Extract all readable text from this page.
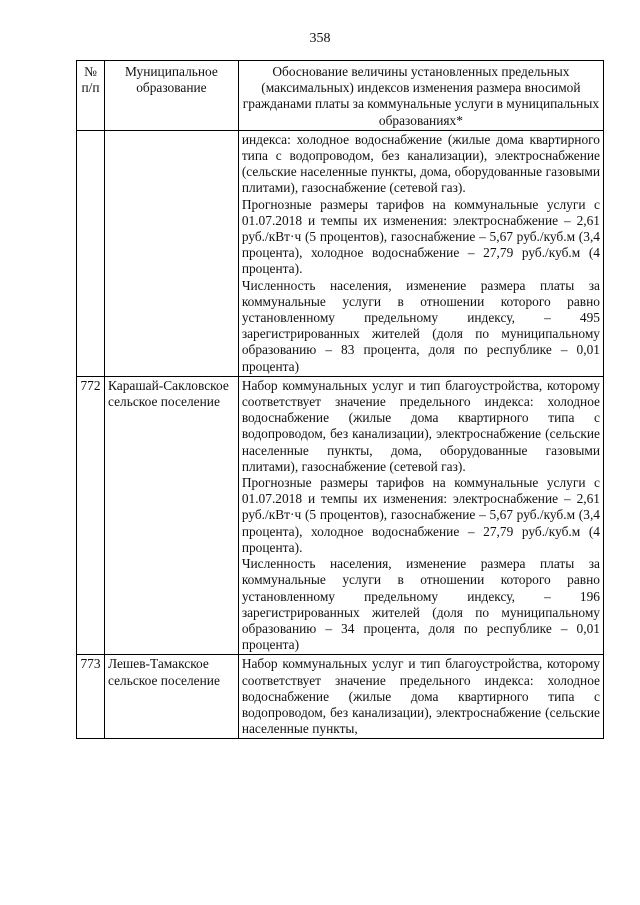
358
№ п/п	Муниципальное образование	Обоснование величины установленных предельных (максимальных) индексов изменения размера вносимой гражданами платы за коммунальные услуги в муниципальных образованиях*

		индекса: холодное водоснабжение (жилые дома квартирного типа с водопроводом, без канализации), электроснабжение (сельские населенные пункты, дома, оборудованные газовыми плитами), газоснабжение (сетевой газ).

Прогнозные размеры тарифов на коммунальные услуги с 01.07.2018 и темпы их изменения: электроснабжение – 2,61 руб./кВт·ч (5 процентов), газоснабжение – 5,67 руб./куб.м (3,4 процента), холодное водоснабжение – 27,79 руб./куб.м (4 процента).

Численность населения, изменение размера платы за коммунальные услуги в отношении которого равно установленному предельному индексу, – 495 зарегистрированных жителей (доля по муниципальному образованию – 83 процента, доля по республике – 0,01 процента)

772	Карашай-Сакловское сельское поселение	Набор коммунальных услуг и тип благоустройства, которому соответствует значение предельного индекса: холодное водоснабжение (жилые дома квартирного типа с водопроводом, без канализации), электроснабжение (сельские населенные пункты, дома, оборудованные газовыми плитами), газоснабжение (сетевой газ).

Прогнозные размеры тарифов на коммунальные услуги с 01.07.2018 и темпы их изменения: электроснабжение – 2,61 руб./кВт·ч (5 процентов), газоснабжение – 5,67 руб./куб.м (3,4 процента), холодное водоснабжение – 27,79 руб./куб.м (4 процента).

Численность населения, изменение размера платы за коммунальные услуги в отношении которого равно установленному предельному индексу, – 196 зарегистрированных жителей (доля по муниципальному образованию – 34 процента, доля по республике – 0,01 процента)

773	Лешев-Тамакское сельское поселение	Набор коммунальных услуг и тип благоустройства, которому соответствует значение предельного индекса: холодное водоснабжение (жилые дома квартирного типа с водопроводом, без канализации), электроснабжение (сельские населенные пункты,
